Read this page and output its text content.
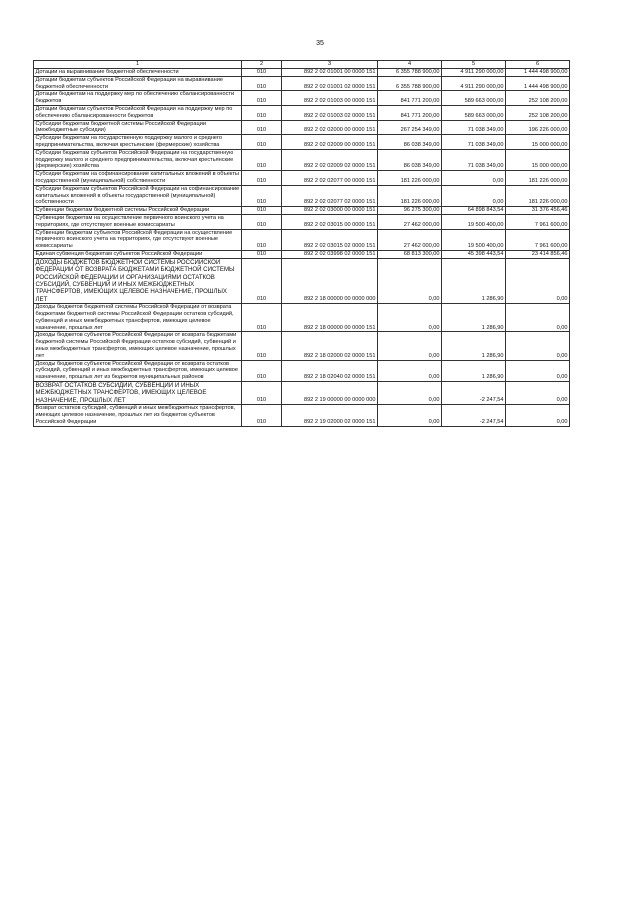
35
1	2	3	4	5	6
Дотации на выравнивание бюджетной обеспеченности	010	892 2 02 01001 00 0000 151	6 355 788 900,00	4 911 290 000,00	1 444 498 900,00
Дотации бюджетам субъектов Российской Федерации на выравнивание бюджетной обеспеченности	010	892 2 02 01001 02 0000 151	6 355 788 900,00	4 911 290 000,00	1 444 498 900,00
Дотации бюджетам на поддержку мер по обеспечению сбалансированности бюджетов	010	892 2 02 01003 00 0000 151	841 771 200,00	589 663 000,00	252 108 200,00
Дотации бюджетам субъектов Российской Федерации на поддержку мер по обеспечению сбалансированности бюджетов	010	892 2 02 01003 02 0000 151	841 771 200,00	589 663 000,00	252 108 200,00
Субсидии бюджетам бюджетной системы Российской Федерации (межбюджетные субсидии)	010	892 2 02 02000 00 0000 151	267 254 349,00	71 038 349,00	196 226 000,00
Субсидии бюджетам на государственную поддержку малого и среднего предпринимательства, включая крестьянские (фермерские) хозяйства	010	892 2 02 02009 00 0000 151	86 038 349,00	71 038 349,00	15 000 000,00
Субсидии бюджетам субъектов Российской Федерации на государственную поддержку малого и среднего предпринимательства, включая крестьянские (фермерские) хозяйства	010	892 2 02 02009 02 0000 151	86 038 349,00	71 038 349,00	15 000 000,00
Субсидии бюджетам на софинансирование капитальных вложений в объекты государственной (муниципальной) собственности	010	892 2 02 02077 00 0000 151	181 226 000,00	0,00	181 226 000,00
Субсидии бюджетам субъектов Российской Федерации на софинансирование капитальных вложений в объекты государственной (муниципальной) собственности	010	892 2 02 02077 02 0000 151	181 226 000,00	0,00	181 226 000,00
Субвенции бюджетам бюджетной системы Российской Федерации	010	892 2 02 03000 00 0000 151	96 275 300,00	64 898 843,54	31 376 456,46
Субвенции бюджетам на осуществление первичного воинского учета на территориях, где отсутствуют военные комиссариаты	010	892 2 02 03015 00 0000 151	27 462 000,00	19 500 400,00	7 961 600,00
Субвенции бюджетам субъектов Российской Федерации на осуществление первичного воинского учета на территориях, где отсутствуют военные комиссариаты	010	892 2 02 03015 02 0000 151	27 462 000,00	19 500 400,00	7 961 600,00
Единая субвенция бюджетам субъектов Российской Федерации	010	892 2 02 03998 02 0000 151	68 813 300,00	45 398 443,54	23 414 856,46
ДОХОДЫ БЮДЖЕТОВ БЮДЖЕТНОЙ СИСТЕМЫ РОССИЙСКОЙ ФЕДЕРАЦИИ ОТ ВОЗВРАТА БЮДЖЕТАМИ БЮДЖЕТНОЙ СИСТЕМЫ РОССИЙСКОЙ ФЕДЕРАЦИИ И ОРГАНИЗАЦИЯМИ ОСТАТКОВ СУБСИДИЙ, СУБВЕНЦИЙ И ИНЫХ МЕЖБЮДЖЕТНЫХ ТРАНСФЕРТОВ, ИМЕЮЩИХ ЦЕЛЕВОЕ НАЗНАЧЕНИЕ, ПРОШЛЫХ ЛЕТ	010	892 2 18 00000 00 0000 000	0,00	1 286,90	0,00
Доходы бюджетов бюджетной системы Российской Федерации от возврата бюджетами бюджетной системы Российской Федерации остатков субсидий, субвенций и иных межбюджетных трансфертов, имеющих целевое назначение, прошлых лет	010	892 2 18 00000 00 0000 151	0,00	1 286,90	0,00
Доходы бюджетов субъектов Российской Федерации от возврата бюджетами бюджетной системы Российской Федерации остатков субсидий, субвенций и иных межбюджетных трансфертов, имеющих целевое назначение, прошлых лет	010	892 2 18 02000 02 0000 151	0,00	1 286,90	0,00
Доходы бюджетов субъектов Российской Федерации от возврата остатков субсидий, субвенций и иных межбюджетных трансфертов, имеющих целевое назначение, прошлых лет из бюджетов муниципальных районов	010	892 2 18 02040 02 0000 151	0,00	1 286,90	0,00
ВОЗВРАТ ОСТАТКОВ СУБСИДИЙ, СУБВЕНЦИЙ И ИНЫХ МЕЖБЮДЖЕТНЫХ ТРАНСФЕРТОВ, ИМЕЮЩИХ ЦЕЛЕВОЕ НАЗНАЧЕНИЕ, ПРОШЛЫХ ЛЕТ	010	892 2 19 00000 00 0000 000	0,00	-2 247,54	0,00
Возврат остатков субсидий, субвенций и иных межбюджетных трансфертов, имеющих целевое назначение, прошлых лет из бюджетов субъектов Российской Федерации	010	892 2 19 02000 02 0000 151	0,00	-2 247,54	0,00
